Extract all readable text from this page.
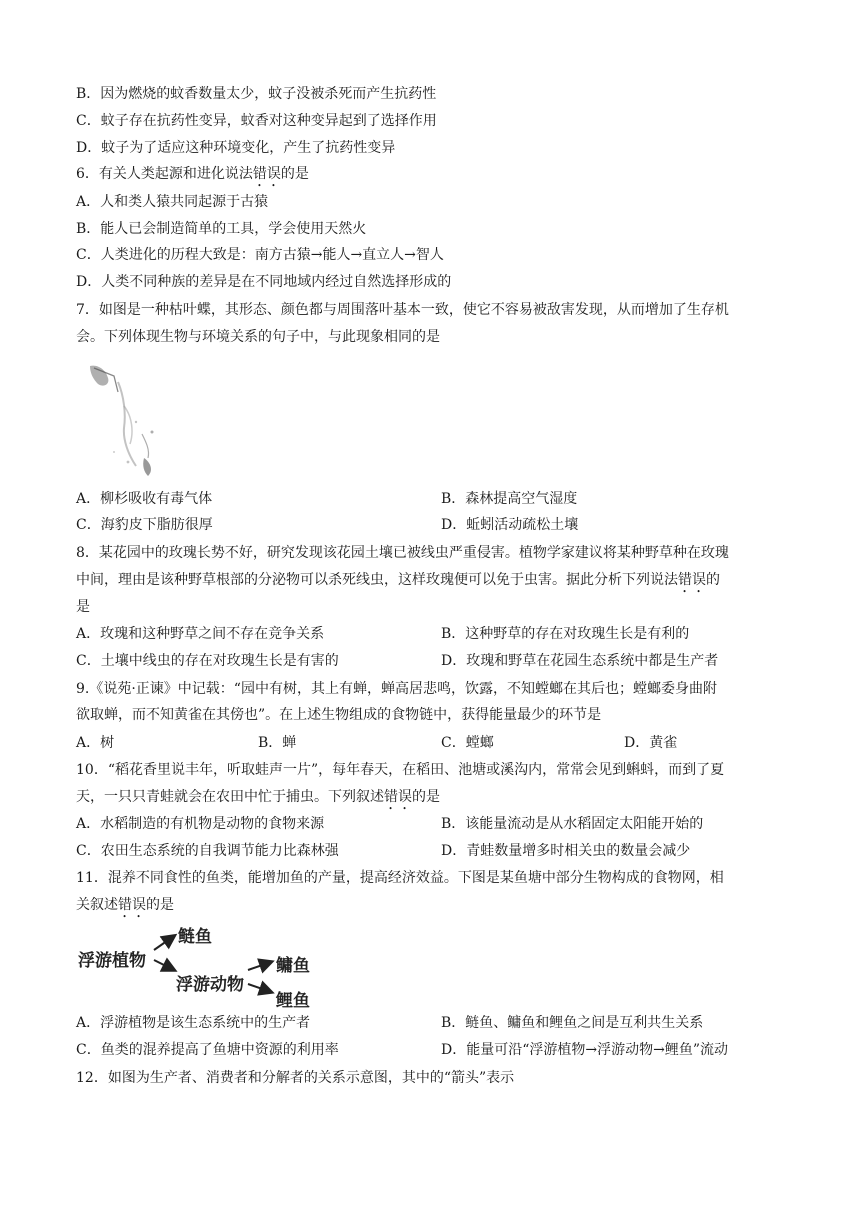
B．因为燃烧的蚊香数量太少，蚊子没被杀死而产生抗药性
C．蚊子存在抗药性变异，蚊香对这种变异起到了选择作用
D．蚊子为了适应这种环境变化，产生了抗药性变异
6．有关人类起源和进化说法错误的是
A．人和类人猿共同起源于古猿
B．能人已会制造简单的工具，学会使用天然火
C．人类进化的历程大致是：南方古猿→能人→直立人→智人
D．人类不同种族的差异是在不同地域内经过自然选择形成的
7．如图是一种枯叶蝶，其形态、颜色都与周围落叶基本一致，使它不容易被敌害发现，从而增加了生存机
会。下列体现生物与环境关系的句子中，与此现象相同的是
A．柳杉吸收有毒气体	B．森林提高空气湿度
C．海豹皮下脂肪很厚	D．蚯蚓活动疏松土壤
8．某花园中的玫瑰长势不好，研究发现该花园土壤已被线虫严重侵害。植物学家建议将某种野草种在玫瑰
中间，理由是该种野草根部的分泌物可以杀死线虫，这样玫瑰便可以免于虫害。据此分析下列说法错误的
是
A．玫瑰和这种野草之间不存在竞争关系	B．这种野草的存在对玫瑰生长是有利的
C．土壤中线虫的存在对玫瑰生长是有害的	D．玫瑰和野草在花园生态系统中都是生产者
9.《说苑·正谏》中记载：“园中有树，其上有蝉，蝉高居悲鸣，饮露，不知螳螂在其后也；螳螂委身曲附
欲取蝉，而不知黄雀在其傍也”。在上述生物组成的食物链中，获得能量最少的环节是
A．树	B．蝉	C．螳螂	D．黄雀
10．“稻花香里说丰年，听取蛙声一片”，每年春天，在稻田、池塘或溪沟内，常常会见到蝌蚪，而到了夏
天，一只只青蛙就会在农田中忙于捕虫。下列叙述错误的是
A．水稻制造的有机物是动物的食物来源	B．该能量流动是从水稻固定太阳能开始的
C．农田生态系统的自我调节能力比森林强	D．青蛙数量增多时相关虫的数量会减少
11．混养不同食性的鱼类，能增加鱼的产量，提高经济效益。下图是某鱼塘中部分生物构成的食物网，相
关叙述错误的是
浮游植物
鲢鱼
浮游动物
鳙鱼
鲤鱼
A．浮游植物是该生态系统中的生产者	B．鲢鱼、鳙鱼和鲤鱼之间是互利共生关系
C．鱼类的混养提高了鱼塘中资源的利用率	D．能量可沿“浮游植物→浮游动物→鲤鱼”流动
12．如图为生产者、消费者和分解者的关系示意图，其中的“箭头”表示
